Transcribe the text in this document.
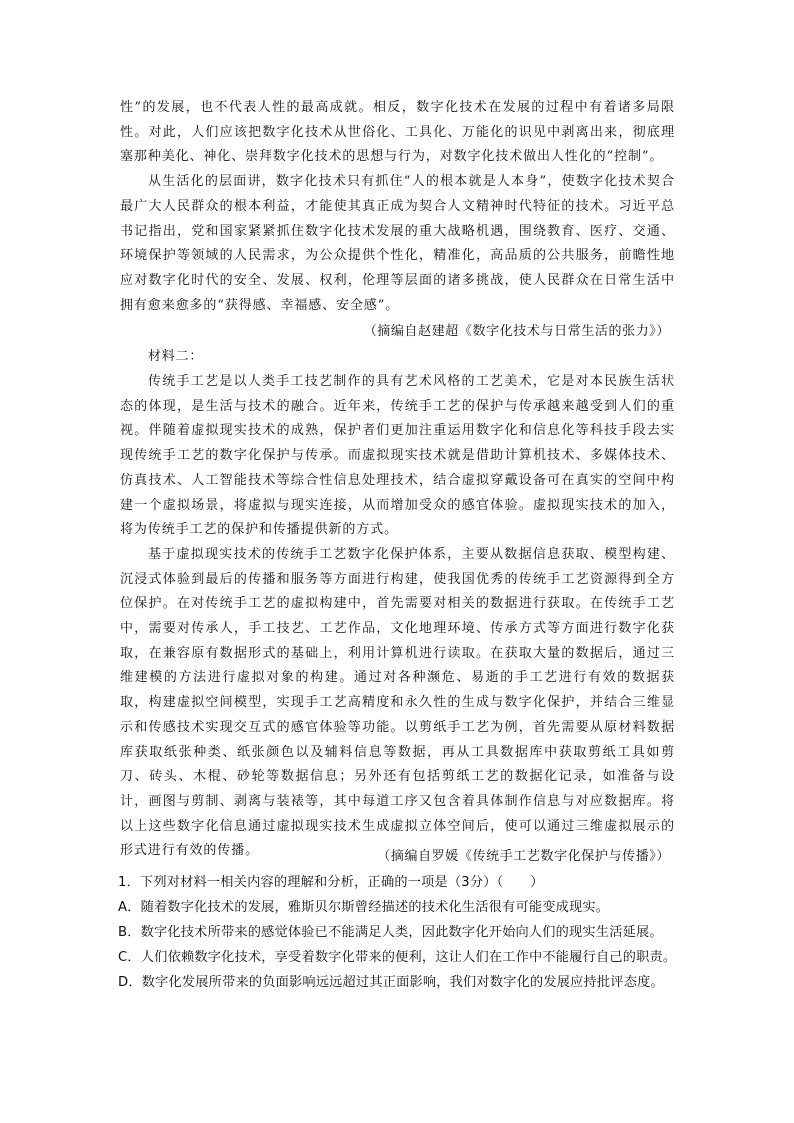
性”的发展，也不代表人性的最高成就。相反，数字化技术在发展的过程中有着诸多局限性。对此，人们应该把数字化技术从世俗化、工具化、万能化的识见中剥离出来，彻底理塞那种美化、神化、崇拜数字化技术的思想与行为，对数字化技术做出人性化的“控制”。

从生活化的层面讲，数字化技术只有抓住“人的根本就是人本身”，使数字化技术契合最广大人民群众的根本利益，才能使其真正成为契合人文精神时代特征的技术。习近平总书记指出，党和国家紧紧抓住数字化技术发展的重大战略机遇，围绕教育、医疗、交通、环境保护等领域的人民需求，为公众提供个性化，精准化，高品质的公共服务，前瞻性地应对数字化时代的安全、发展、权利，伦理等层面的诸多挑战，使人民群众在日常生活中拥有愈来愈多的“获得感、幸福感、安全感”。

（摘编自赵建超《数字化技术与日常生活的张力》）
材料二：

传统手工艺是以人类手工技艺制作的具有艺术风格的工艺美术，它是对本民族生活状态的体现，是生活与技术的融合。近年来，传统手工艺的保护与传承越来越受到人们的重视。伴随着虚拟现实技术的成熟，保护者们更加注重运用数字化和信息化等科技手段去实现传统手工艺的数字化保护与传承。而虚拟现实技术就是借助计算机技术、多媒体技术、仿真技术、人工智能技术等综合性信息处理技术，结合虚拟穿戴设备可在真实的空间中构建一个虚拟场景，将虚拟与现实连接，从而增加受众的感官体验。虚拟现实技术的加入，将为传统手工艺的保护和传播提供新的方式。

基于虚拟现实技术的传统手工艺数字化保护体系，主要从数据信息获取、模型构建、沉浸式体验到最后的传播和服务等方面进行构建，使我国优秀的传统手工艺资源得到全方位保护。在对传统手工艺的虚拟构建中，首先需要对相关的数据进行获取。在传统手工艺中，需要对传承人，手工技艺、工艺作品，文化地理环境、传承方式等方面进行数字化获取，在兼容原有数据形式的基础上，利用计算机进行读取。在获取大量的数据后，通过三维建模的方法进行虚拟对象的构建。通过对各种濒危、易逝的手工艺进行有效的数据获取，构建虚拟空间模型，实现手工艺高精度和永久性的生成与数字化保护，并结合三维显示和传感技术实现交互式的感官体验等功能。以剪纸手工艺为例，首先需要从原材料数据库获取纸张种类、纸张颜色以及辅料信息等数据，再从工具数据库中获取剪纸工具如剪刀、砖头、木棍、砂轮等数据信息；另外还有包括剪纸工艺的数据化记录，如准备与设计，画图与剪制、剥离与装裱等，其中每道工序又包含着具体制作信息与对应数据库。将以上这些数字化信息通过虚拟现实技术生成虚拟立体空间后，使可以通过三维虚拟展示的形式进行有效的传播。	（摘编自罗媛《传统手工艺数字化保护与传播》）

1．下列对材料一相关内容的理解和分析，正确的一项是（3分）（　　）

A．随着数字化技术的发展，雅斯贝尔斯曾经描述的技术化生活很有可能变成现实。

B．数字化技术所带来的感觉体验已不能满足人类，因此数字化开始向人们的现实生活延展。

C．人们依赖数字化技术，享受着数字化带来的便利，这让人们在工作中不能履行自己的职责。

D．数字化发展所带来的负面影响远远超过其正面影响，我们对数字化的发展应持批评态度。
